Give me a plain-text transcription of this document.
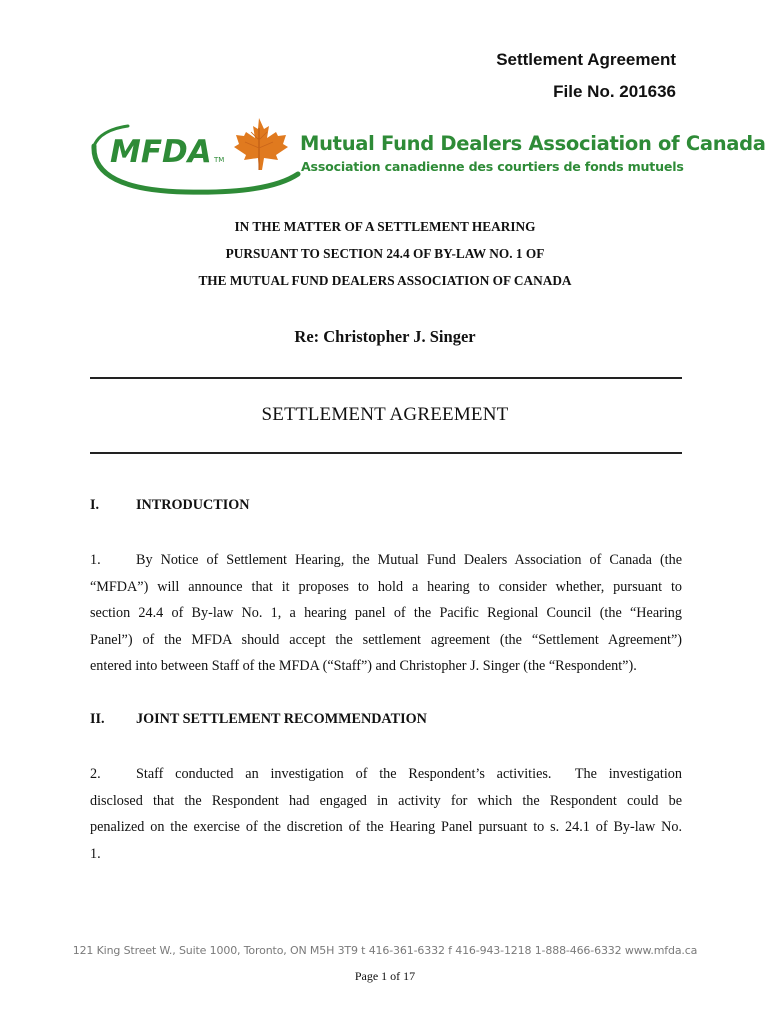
Settlement Agreement
File No. 201636
MFDA TM
Mutual Fund Dealers Association of Canada
Association canadienne des courtiers de fonds mutuels
IN THE MATTER OF A SETTLEMENT HEARING
PURSUANT TO SECTION 24.4 OF BY-LAW NO. 1 OF
THE MUTUAL FUND DEALERS ASSOCIATION OF CANADA
Re: Christopher J. Singer
SETTLEMENT AGREEMENT
I.	INTRODUCTION
1. By Notice of Settlement Hearing, the Mutual Fund Dealers Association of Canada (the
“MFDA”) will announce that it proposes to hold a hearing to consider whether, pursuant to
section 24.4 of By-law No. 1, a hearing panel of the Pacific Regional Council (the “Hearing
Panel”) of the MFDA should accept the settlement agreement (the “Settlement Agreement”)
entered into between Staff of the MFDA (“Staff”) and Christopher J. Singer (the “Respondent”).
II. JOINT SETTLEMENT RECOMMENDATION
2. Staff conducted an investigation of the Respondent’s activities.  The investigation
disclosed that the Respondent had engaged in activity for which the Respondent could be
penalized on the exercise of the discretion of the Hearing Panel pursuant to s. 24.1 of By-law No.
1.
121 King Street W., Suite 1000, Toronto, ON M5H 3T9 t 416-361-6332 f 416-943-1218 1-888-466-6332 www.mfda.ca
Page 1 of 17
